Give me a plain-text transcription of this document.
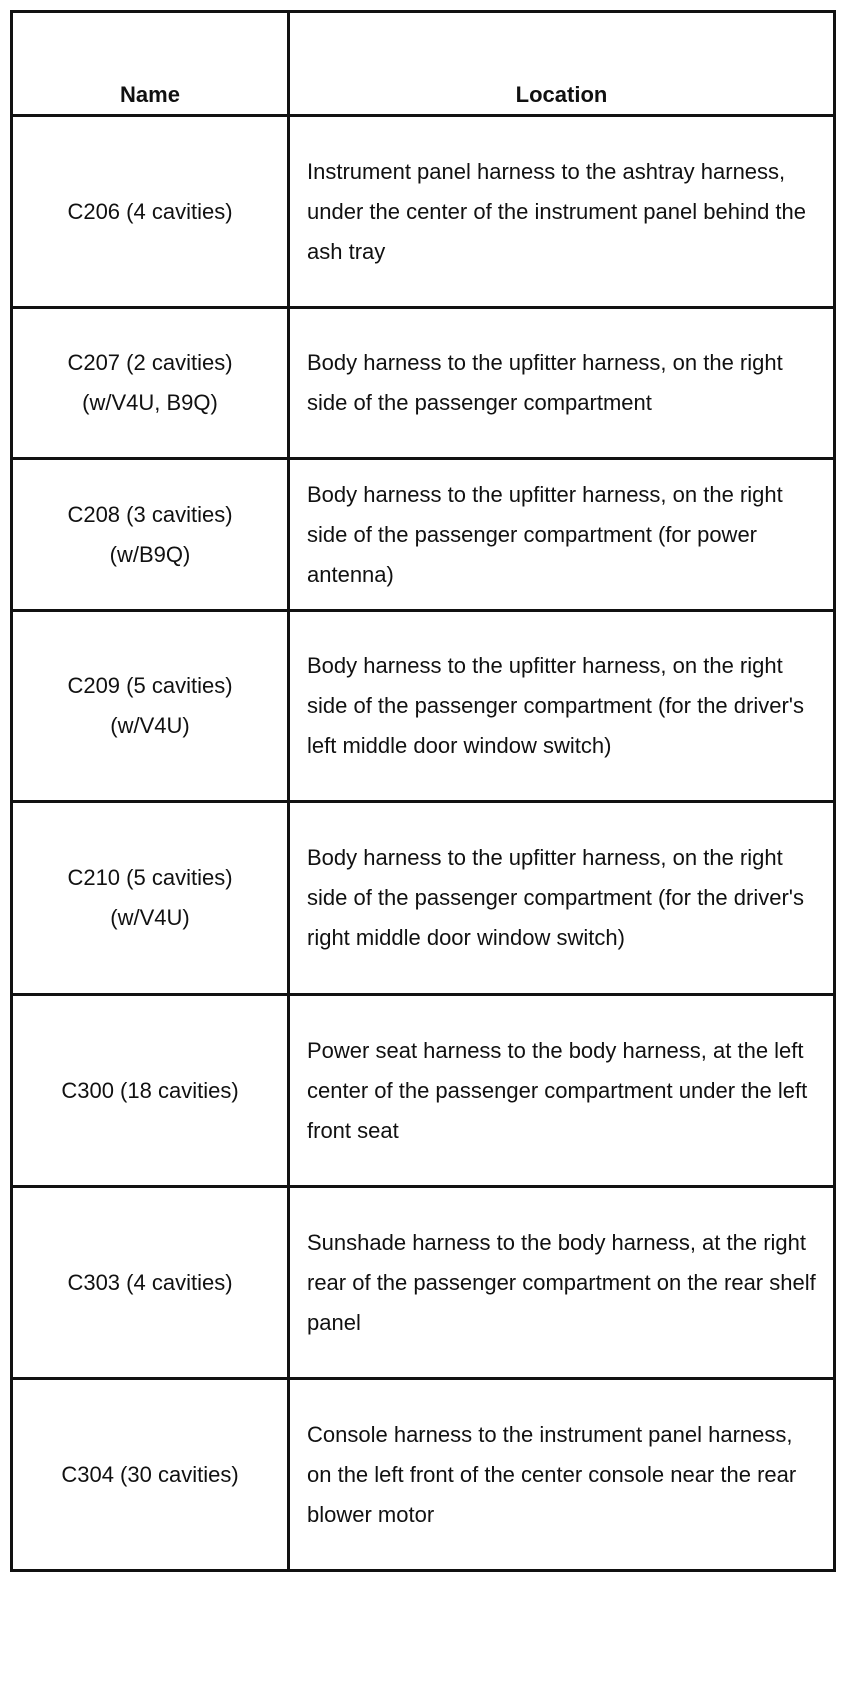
Name	Location

C206 (4 cavities)	Instrument panel harness to the ashtray harness, under the center of the instrument panel behind the ash tray

C207 (2 cavities)
(w/V4U, B9Q)	Body harness to the upfitter harness, on the right side of the passenger compartment

C208 (3 cavities)
(w/B9Q)	Body harness to the upfitter harness, on the right side of the passenger compartment (for power antenna)

C209 (5 cavities)
(w/V4U)	Body harness to the upfitter harness, on the right side of the passenger compartment (for the driver's left middle door window switch)

C210 (5 cavities)
(w/V4U)	Body harness to the upfitter harness, on the right side of the passenger compartment (for the driver's right middle door window switch)

C300 (18 cavities)	Power seat harness to the body harness, at the left center of the passenger compartment under the left front seat

C303 (4 cavities)	Sunshade harness to the body harness, at the right rear of the passenger compartment on the rear shelf panel

C304 (30 cavities)	Console harness to the instrument panel harness, on the left front of the center console near the rear blower motor
